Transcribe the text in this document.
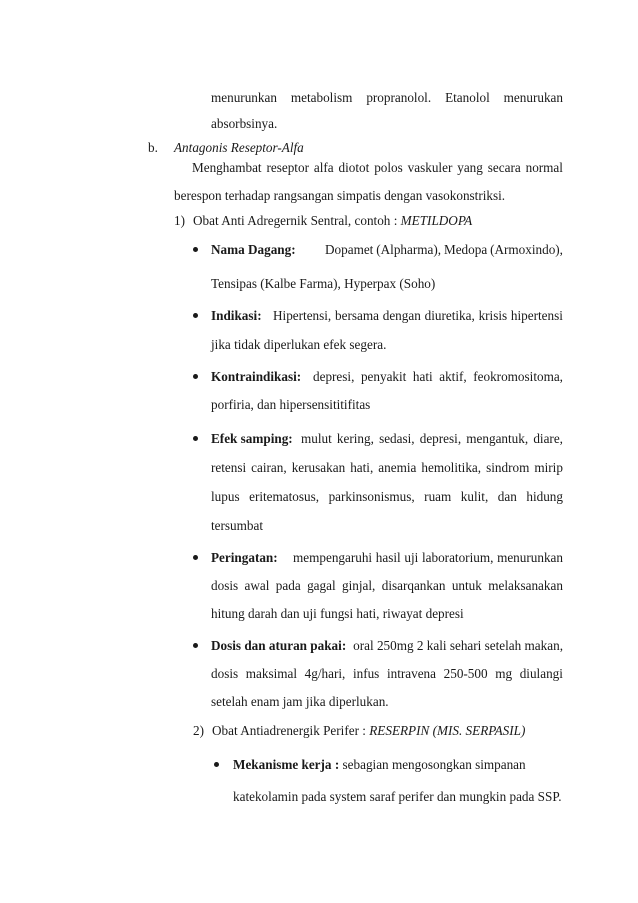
menurunkan metabolism propranolol. Etanolol menurukan
absorbsinya.
b. Antagonis Reseptor-Alfa
Menghambat reseptor alfa diotot polos vaskuler yang secara normal
berespon terhadap rangsangan simpatis dengan vasokonstriksi.
1) Obat Anti Adregernik Sentral, contoh : METILDOPA
Nama Dagang: Dopamet (Alpharma), Medopa (Armoxindo),
Tensipas (Kalbe Farma), Hyperpax (Soho)
Indikasi: Hipertensi, bersama dengan diuretika, krisis hipertensi
jika tidak diperlukan efek segera.
Kontraindikasi: depresi, penyakit hati aktif, feokromositoma,
porfiria, dan hipersensititifitas
Efek samping: mulut kering, sedasi, depresi, mengantuk, diare,
retensi cairan, kerusakan hati, anemia hemolitika, sindrom mirip
lupus eritematosus, parkinsonismus, ruam kulit, dan hidung
tersumbat
Peringatan: mempengaruhi hasil uji laboratorium, menurunkan
dosis awal pada gagal ginjal, disarqankan untuk melaksanakan
hitung darah dan uji fungsi hati, riwayat depresi
Dosis dan aturan pakai: oral 250mg 2 kali sehari setelah makan,
dosis maksimal 4g/hari, infus intravena 250-500 mg diulangi
setelah enam jam jika diperlukan.
2) Obat Antiadrenergik Perifer : RESERPIN (MIS. SERPASIL)
Mekanisme kerja : sebagian mengosongkan simpanan
katekolamin pada system saraf perifer dan mungkin pada SSP.
